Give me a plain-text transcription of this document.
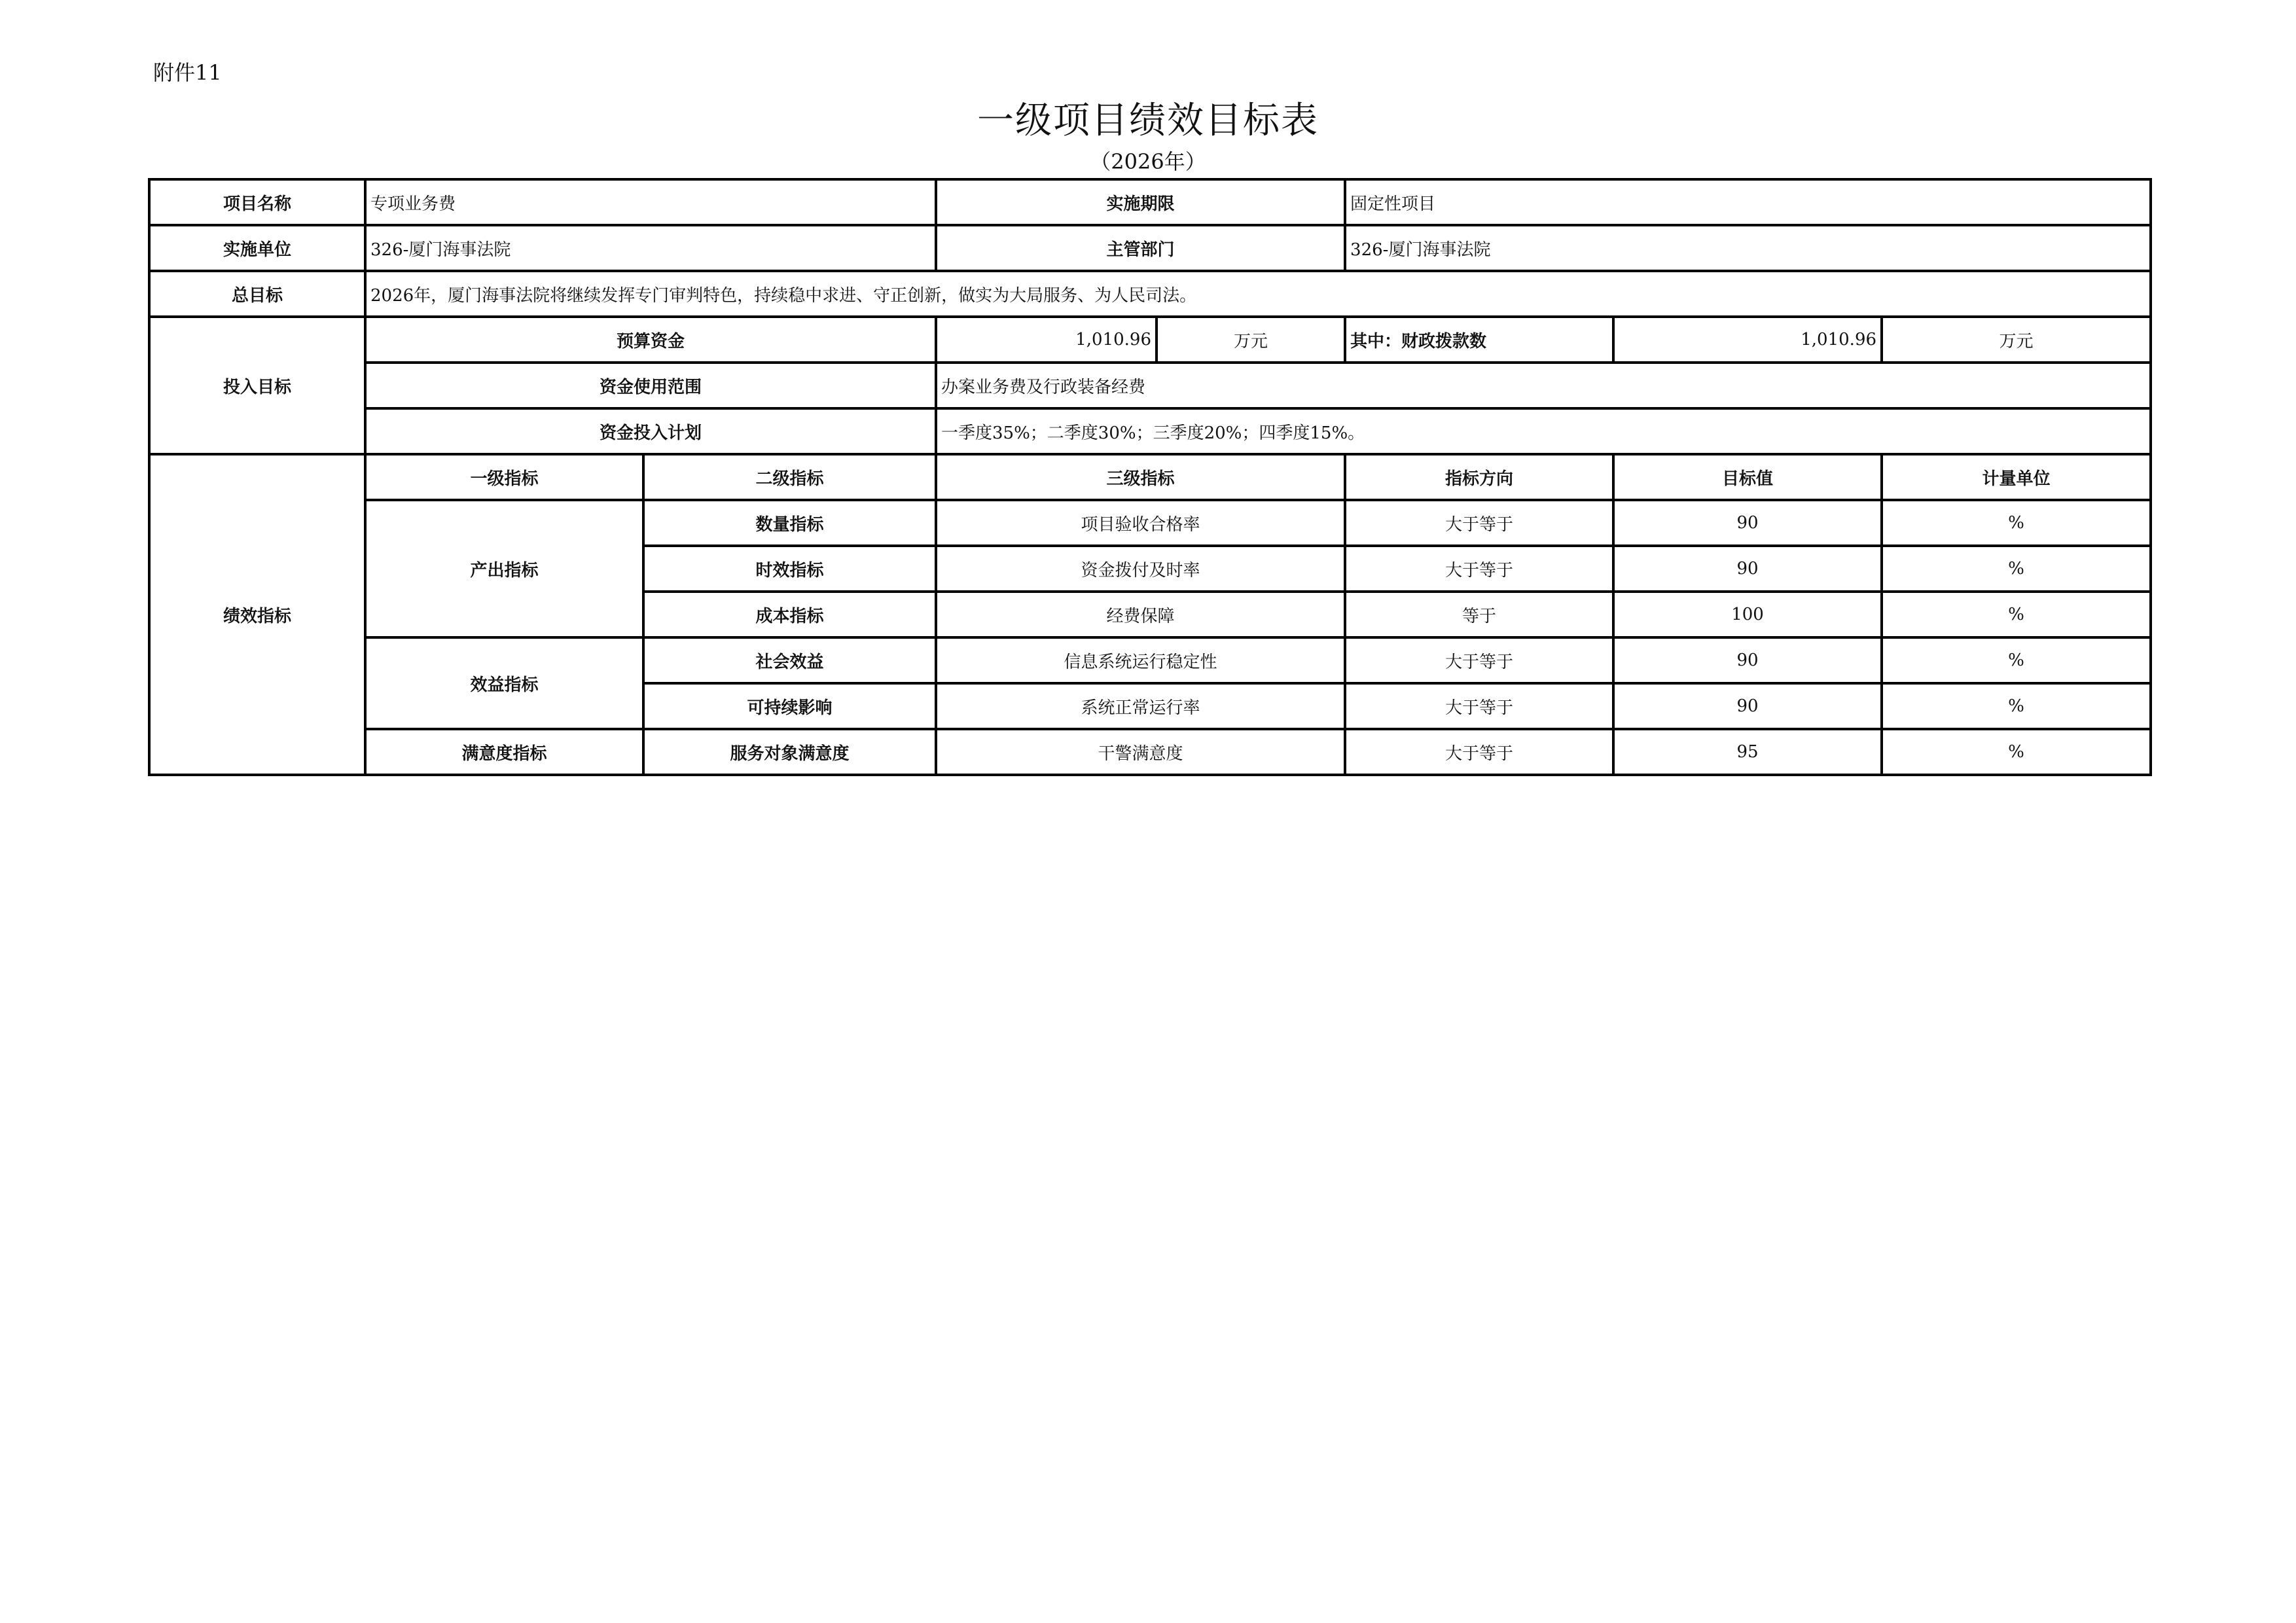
附件11
一级项目绩效目标表
（2026年）
项目名称	专项业务费		实施期限		固定性项目		
实施单位	326-厦门海事法院		主管部门		326-厦门海事法院		
总目标	2026年，厦门海事法院将继续发挥专门审判特色，持续稳中求进、守正创新，做实为大局服务、为人民司法。						
投入目标	预算资金		1,010.96	万元	其中：财政拨款数	1,010.96	万元
	资金使用范围		办案业务费及行政装备经费				
	资金投入计划		一季度35%；二季度30%；三季度20%；四季度15%。				
绩效指标	一级指标	二级指标	三级指标		指标方向	目标值	计量单位
	产出指标	数量指标	项目验收合格率		大于等于	90	%
		时效指标	资金拨付及时率		大于等于	90	%
		成本指标	经费保障		等于	100	%
	效益指标	社会效益	信息系统运行稳定性		大于等于	90	%
		可持续影响	系统正常运行率		大于等于	90	%
	满意度指标	服务对象满意度	干警满意度		大于等于	95	%
